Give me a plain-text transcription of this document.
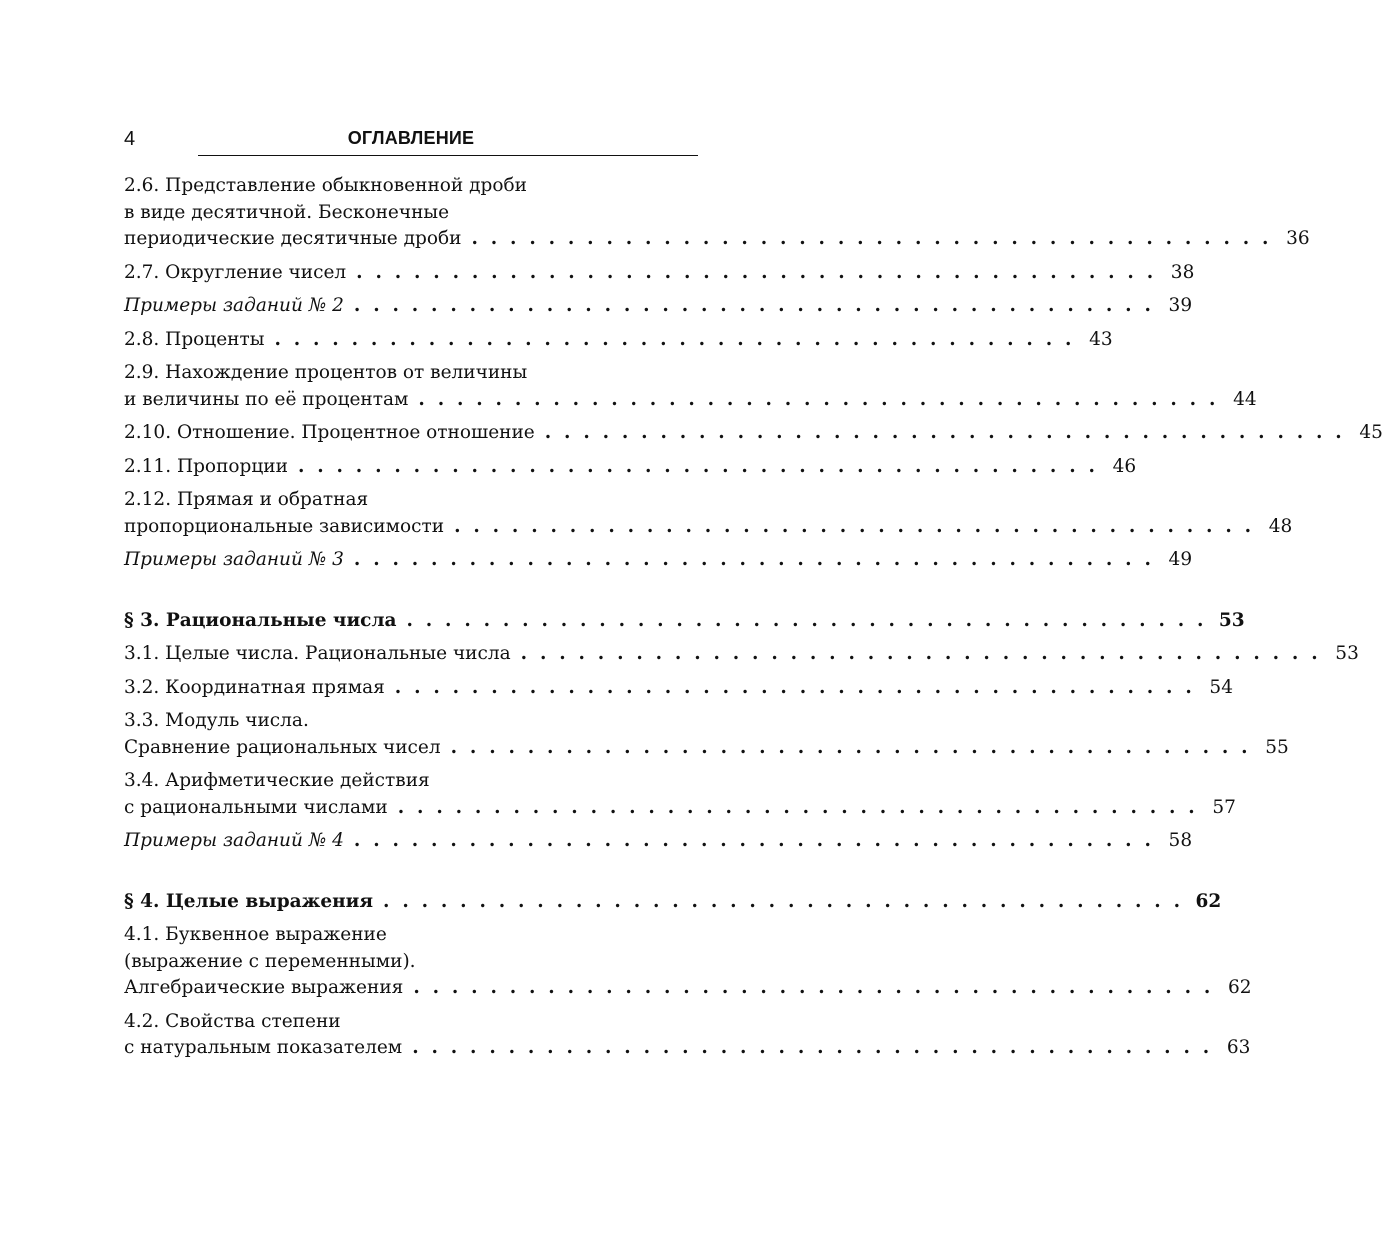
4	ОГЛАВЛЕНИЕ
2.6. Представление обыкновенной дроби
в виде десятичной. Бесконечные
периодические десятичные дроби . . . . . . . . . . . . . . . . . . . . . . . . . . . . . . . . . . . . . . . . . . 36
2.7. Округление чисел . . . . . . . . . . . . . . . . . . . . . . . . . . . . . . . . . . . . . . . . . . 38
Примеры заданий № 2 . . . . . . . . . . . . . . . . . . . . . . . . . . . . . . . . . . . . . . . . . . 39
2.8. Проценты . . . . . . . . . . . . . . . . . . . . . . . . . . . . . . . . . . . . . . . . . . 43
2.9. Нахождение процентов от величины
и величины по её процентам . . . . . . . . . . . . . . . . . . . . . . . . . . . . . . . . . . . . . . . . . . 44
2.10. Отношение. Процентное отношение . . . . . . . . . . . . . . . . . . . . . . . . . . . . . . . . . . . . . . . . . . 45
2.11. Пропорции . . . . . . . . . . . . . . . . . . . . . . . . . . . . . . . . . . . . . . . . . . 46
2.12. Прямая и обратная
пропорциональные зависимости . . . . . . . . . . . . . . . . . . . . . . . . . . . . . . . . . . . . . . . . . . 48
Примеры заданий № 3 . . . . . . . . . . . . . . . . . . . . . . . . . . . . . . . . . . . . . . . . . . 49
§ 3. Рациональные числа . . . . . . . . . . . . . . . . . . . . . . . . . . . . . . . . . . . . . . . . . . 53
3.1. Целые числа. Рациональные числа . . . . . . . . . . . . . . . . . . . . . . . . . . . . . . . . . . . . . . . . . . 53
3.2. Координатная прямая . . . . . . . . . . . . . . . . . . . . . . . . . . . . . . . . . . . . . . . . . . 54
3.3. Модуль числа.
Сравнение рациональных чисел . . . . . . . . . . . . . . . . . . . . . . . . . . . . . . . . . . . . . . . . . . 55
3.4. Арифметические действия
с рациональными числами . . . . . . . . . . . . . . . . . . . . . . . . . . . . . . . . . . . . . . . . . . 57
Примеры заданий № 4 . . . . . . . . . . . . . . . . . . . . . . . . . . . . . . . . . . . . . . . . . . 58
§ 4. Целые выражения . . . . . . . . . . . . . . . . . . . . . . . . . . . . . . . . . . . . . . . . . . 62
4.1. Буквенное выражение
(выражение с переменными).
Алгебраические выражения . . . . . . . . . . . . . . . . . . . . . . . . . . . . . . . . . . . . . . . . . . 62
4.2. Свойства степени
с натуральным показателем . . . . . . . . . . . . . . . . . . . . . . . . . . . . . . . . . . . . . . . . . . 63
